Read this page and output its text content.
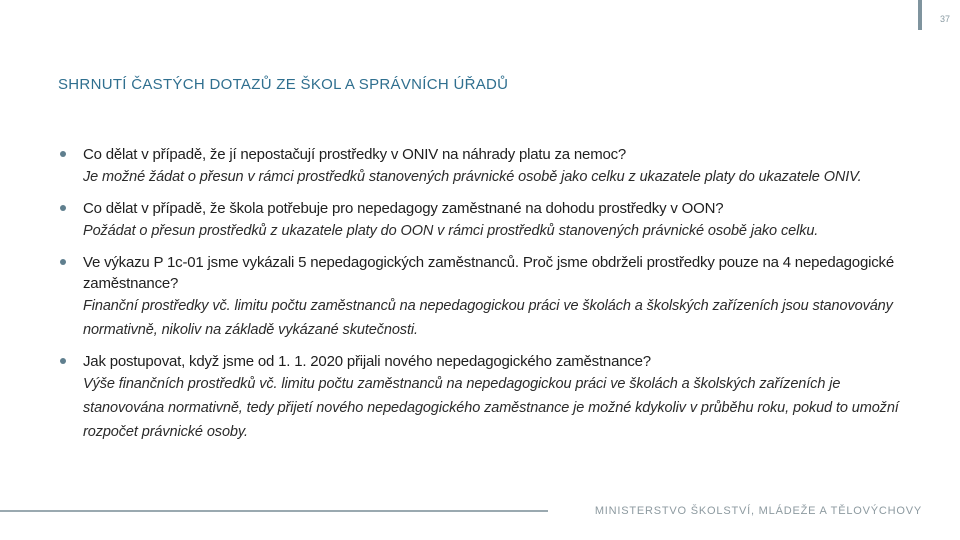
37
SHRNUTÍ ČASTÝCH DOTAZŮ ZE ŠKOL A SPRÁVNÍCH ÚŘADŮ
Co dělat v případě, že jí nepostačují prostředky v ONIV na náhrady platu za nemoc?
Je možné žádat o přesun v rámci prostředků stanovených právnické osobě jako celku z ukazatele platy do ukazatele ONIV.
Co dělat v případě, že škola potřebuje pro nepedagogy zaměstnané na dohodu prostředky v OON?
Požádat o přesun prostředků z ukazatele platy do OON v rámci prostředků stanovených právnické osobě jako celku.
Ve výkazu P 1c-01 jsme vykázali 5 nepedagogických zaměstnanců. Proč jsme obdrželi prostředky pouze na 4 nepedagogické zaměstnance?
Finanční prostředky vč. limitu počtu zaměstnanců na nepedagogickou práci ve školách a školských zařízeních jsou stanovovány normativně, nikoliv na základě vykázané skutečnosti.
Jak postupovat, když jsme od 1. 1. 2020 přijali nového nepedagogického zaměstnance?
Výše finančních prostředků vč. limitu počtu zaměstnanců na nepedagogickou práci ve školách a školských zařízeních je stanovována normativně, tedy přijetí nového nepedagogického zaměstnance je možné kdykoliv v průběhu roku, pokud to umožní rozpočet právnické osoby.
MINISTERSTVO ŠKOLSTVÍ, MLÁDEŽE A TĚLOVÝCHOVY
